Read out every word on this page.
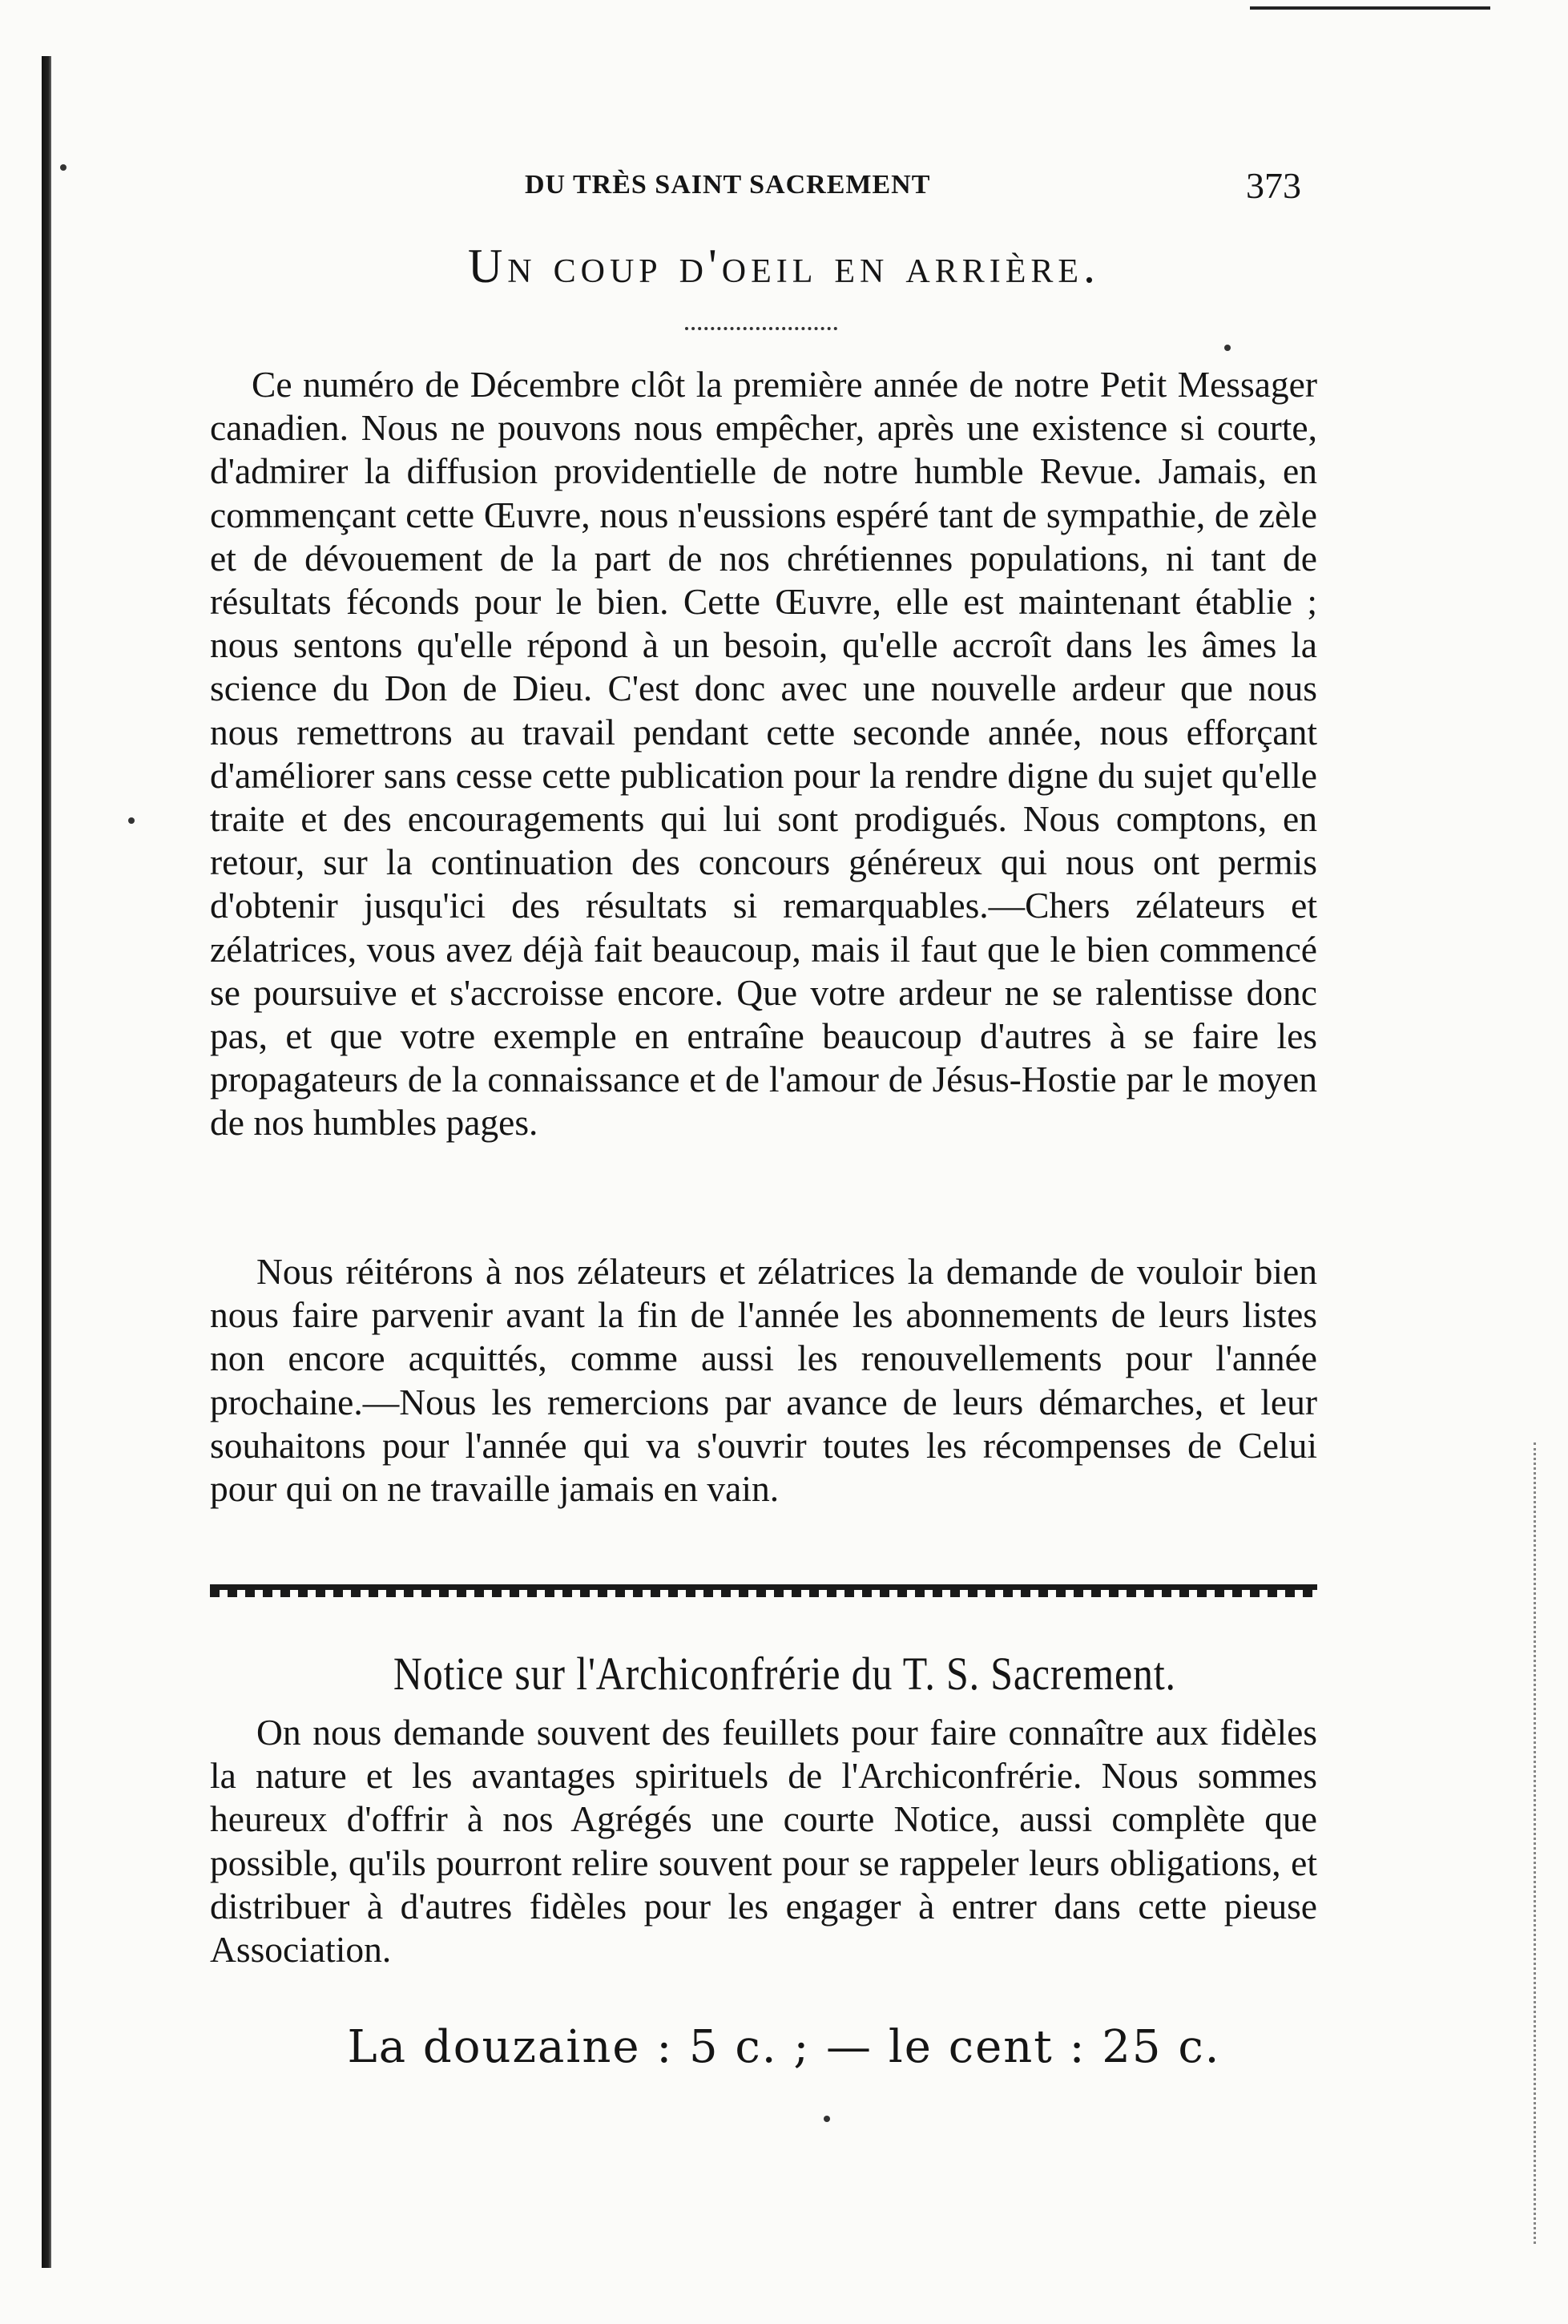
DU TRÈS SAINT SACREMENT	373
Un coup d'oeil en arrière.

Ce numéro de Décembre clôt la première année de notre Petit Messager canadien. Nous ne pouvons nous empêcher, après une existence si courte, d'admirer la diffusion providentielle de notre humble Revue. Jamais, en commençant cette Œuvre, nous n'eussions espéré tant de sympathie, de zèle et de dévouement de la part de nos chrétiennes populations, ni tant de résultats féconds pour le bien. Cette Œuvre, elle est maintenant établie ; nous sentons qu'elle répond à un besoin, qu'elle accroît dans les âmes la science du Don de Dieu. C'est donc avec une nouvelle ardeur que nous nous remettrons au travail pendant cette seconde année, nous efforçant d'améliorer sans cesse cette publication pour la rendre digne du sujet qu'elle traite et des encouragements qui lui sont prodigués. Nous comptons, en retour, sur la continuation des concours généreux qui nous ont permis d'obtenir jusqu'ici des résultats si remarquables.—Chers zélateurs et zélatrices, vous avez déjà fait beaucoup, mais il faut que le bien commencé se poursuive et s'accroisse encore. Que votre ardeur ne se ralentisse donc pas, et que votre exemple en entraîne beaucoup d'autres à se faire les propagateurs de la connaissance et de l'amour de Jésus-Hostie par le moyen de nos humbles pages.

Nous réitérons à nos zélateurs et zélatrices la demande de vouloir bien nous faire parvenir avant la fin de l'année les abonnements de leurs listes non encore acquittés, comme aussi les renouvellements pour l'année prochaine.—Nous les remercions par avance de leurs démarches, et leur souhaitons pour l'année qui va s'ouvrir toutes les récompenses de Celui pour qui on ne travaille jamais en vain.

Notice sur l'Archiconfrérie du T. S. Sacrement.

On nous demande souvent des feuillets pour faire connaître aux fidèles la nature et les avantages spirituels de l'Archiconfrérie. Nous sommes heureux d'offrir à nos Agrégés une courte Notice, aussi complète que possible, qu'ils pourront relire souvent pour se rappeler leurs obligations, et distribuer à d'autres fidèles pour les engager à entrer dans cette pieuse Association.

La douzaine : 5 c. ; — le cent : 25 c.
